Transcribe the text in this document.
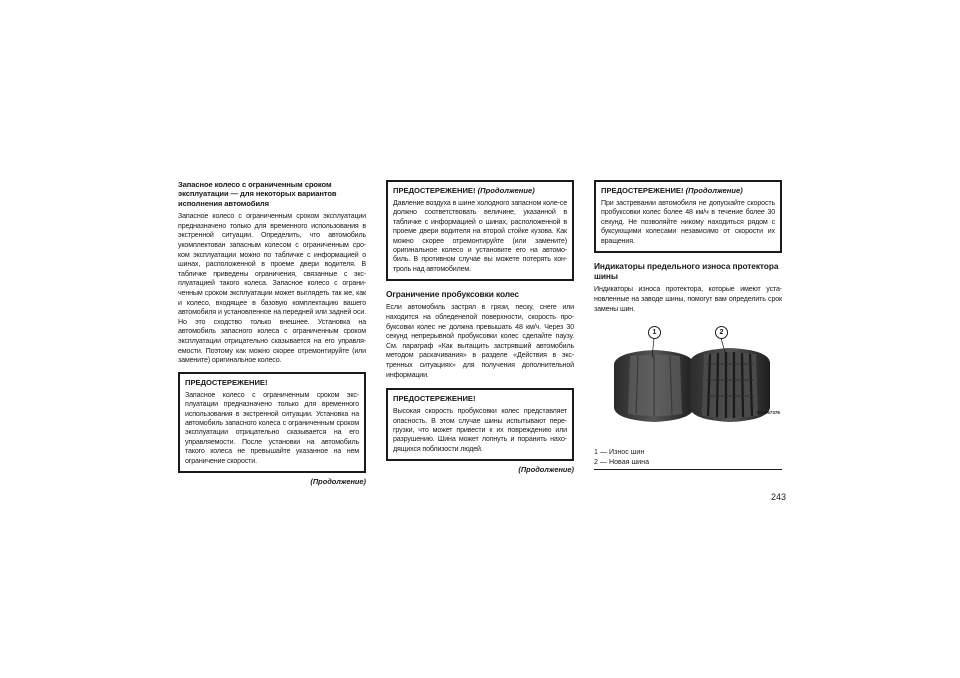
Запасное колесо с ограниченным сроком эксплуатации — для некоторых вариантов исполнения автомобиля

Запасное колесо с ограниченным сроком эксплуатации предназначено только для временного использования в экстренной ситуации. Определить, что автомобиль укомплектован запасным колесом с ограниченным сро-ком эксплуатации можно по табличке с информацией о шинах, расположенной в проеме двери водителя. В табличке приведены ограничения, связанные с экс-плуатацией такого колеса. Запасное колесо с ограни-ченным сроком эксплуатации может выглядеть так же, как и колесо, входящее в базовую комплектацию вашего автомобиля и установленное на передней или задней оси. Но это сходство только внешнее. Установка на автомобиль запасного колеса с ограниченным сроком эксплуатации отрицательно сказывается на его управля-емости. Поэтому как можно скорее отремонтируйте (или замените) оригинальное колесо.

ПРЕДОСТЕРЕЖЕНИЕ!

Запасное колесо с ограниченным сроком экс-плуатации предназначено только для временного использования в экстренной ситуации. Установка на автомобиль запасного колеса с ограниченным сроком эксплуатации отрицательно сказывается на его управляемости. После установки на автомобиль такого колеса не превышайте указанное на нем ограничение скорости.

(Продолжение)

ПРЕДОСТЕРЕЖЕНИЕ! (Продолжение)

Давление воздуха в шине холодного запасном коле-се должно соответствовать величине, указанной в табличке с информацией о шинах, расположенной в проеме двери водителя на второй стойке кузова. Как можно скорее отремонтируйте (или замените) оригинальное колесо и установите его на автомо-биль. В противном случае вы можете потерять кон-троль над автомобилем.

Ограничение пробуксовки колес

Если автомобиль застрял в грязи, песку, снеге или находится на обледенелой поверхности, скорость про-буксовки колес не должна превышать 48 км/ч. Через 30 секунд непрерывной пробуксовки колес сделайте паузу. См. параграф «Как вытащить застрявший автомобиль методом раскачивания» в разделе «Действия в экс-тренных ситуациях» для получения дополнительной информации.

ПРЕДОСТЕРЕЖЕНИЕ!

Высокая скорость пробуксовки колес представляет опасность. В этом случае шины испытывают пере-грузки, что может привести к их повреждению или разрушению. Шина может лопнуть и поранить нахо-дящихся поблизости людей.

(Продолжение)

ПРЕДОСТЕРЕЖЕНИЕ! (Продолжение)

При застревании автомобиля не допускайте скорость пробуксовки колес более 48 км/ч в течение более 30 секунд. Не позволяйте никому находиться рядом с буксующими колесами независимо от скорости их вращения.

Индикаторы предельного износа протектора шины

Индикаторы износа протектора, которые имеют уста-новленные на заводе шины, помогут вам определить срок замены шин.

1	2
8S6067376

1 — Износ шин

2 — Новая шина

243
